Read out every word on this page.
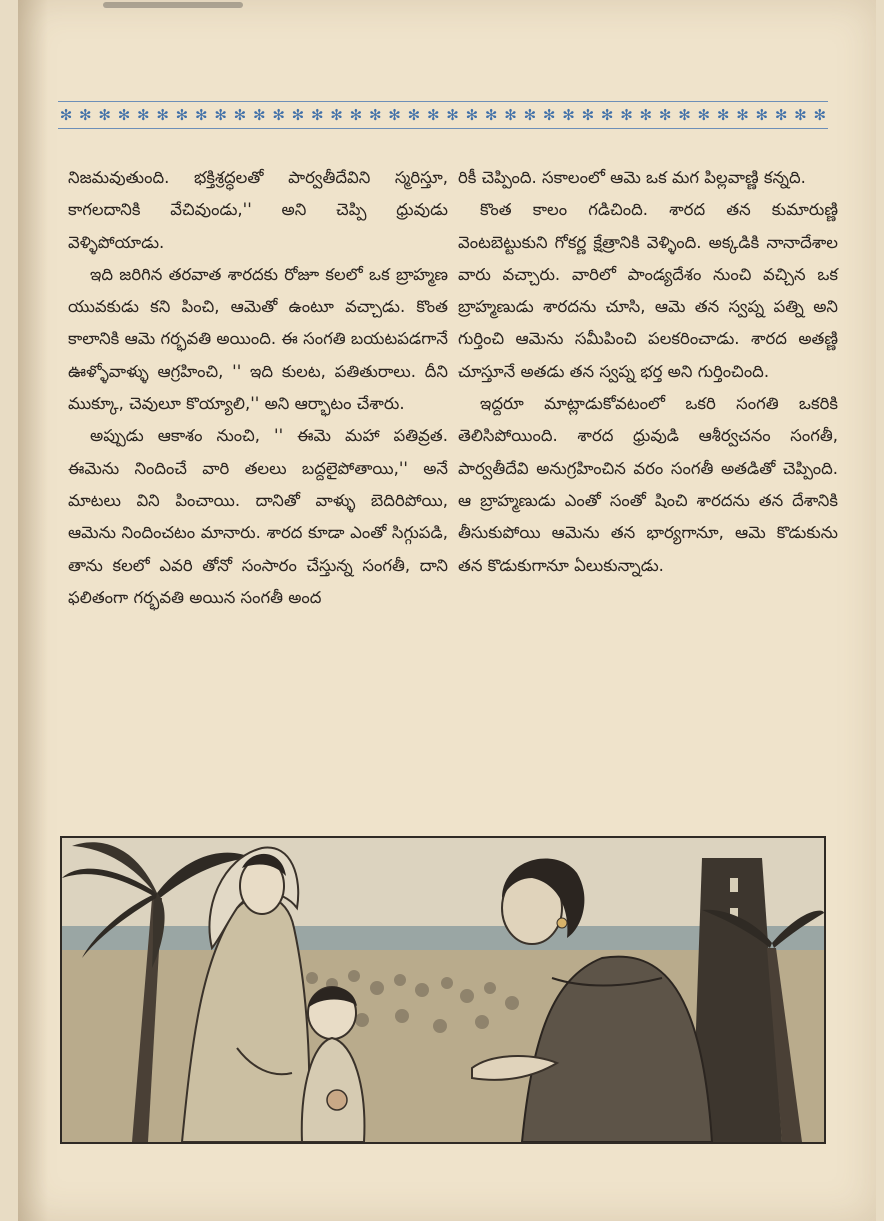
✻ ✻ ✻ ✻ ✻ ✻ ✻ ✻ ✻ ✻ ✻ ✻ ✻ ✻ ✻ ✻ ✻ ✻ ✻ ✻ ✻ ✻ ✻ ✻ ✻ ✻ ✻ ✻ ✻ ✻ ✻ ✻ ✻ ✻ ✻ ✻ ✻ ✻ ✻ ✻

నిజమవుతుంది. భక్తిశ్రద్ధలతో పార్వతీదేవిని స్మరిస్తూ, కాగలదానికి వేచివుండు,'' అని చెప్పి ధ్రువుడు వెళ్ళిపోయాడు.

ఇది జరిగిన తరవాత శారదకు రోజూ కలలో ఒక బ్రాహ్మణ యువకుడు కని పించి, ఆమెతో ఉంటూ వచ్చాడు. కొంత కాలానికి ఆమె గర్భవతి అయింది. ఈ సంగతి బయటపడగానే ఊళ్ళోవాళ్ళు ఆగ్రహించి, '' ఇది కులట, పతితురాలు. దీని ముక్కూ, చెవులూ కొయ్యాలి,'' అని ఆర్భాటం చేశారు.

అప్పుడు ఆకాశం నుంచి, '' ఈమె మహా పతివ్రత. ఈమెను నిందించే వారి తలలు బద్దలైపోతాయి,'' అనే మాటలు విని పించాయి. దానితో వాళ్ళు బెదిరిపోయి, ఆమెను నిందించటం మానారు. శారద కూడా ఎంతో సిగ్గుపడి, తాను కలలో ఎవరి తోనో సంసారం చేస్తున్న సంగతీ, దాని ఫలితంగా గర్భవతి అయిన సంగతీ అంద

రికీ చెప్పింది. సకాలంలో ఆమె ఒక మగ పిల్లవాణ్ణి కన్నది.

కొంత కాలం గడిచింది. శారద తన కుమారుణ్ణి వెంటబెట్టుకుని గోకర్ణ క్షేత్రానికి వెళ్ళింది. అక్కడికి నానాదేశాల వారు వచ్చారు. వారిలో పాండ్యదేశం నుంచి వచ్చిన ఒక బ్రాహ్మణుడు శారదను చూసి, ఆమె తన స్వప్న పత్ని అని గుర్తించి ఆమెను సమీపించి పలకరించాడు. శారద అతణ్ణి చూస్తూనే అతడు తన స్వప్న భర్త అని గుర్తించింది.

ఇద్దరూ మాట్లాడుకోవటంలో ఒకరి సంగతి ఒకరికి తెలిసిపోయింది. శారద ధ్రువుడి ఆశీర్వచనం సంగతీ, పార్వతీదేవి అనుగ్రహించిన వరం సంగతీ అతడితో చెప్పింది. ఆ బ్రాహ్మణుడు ఎంతో సంతో షించి శారదను తన దేశానికి తీసుకుపోయి ఆమెను తన భార్యగానూ, ఆమె కొడుకును తన కొడుకుగానూ ఏలుకున్నాడు.
